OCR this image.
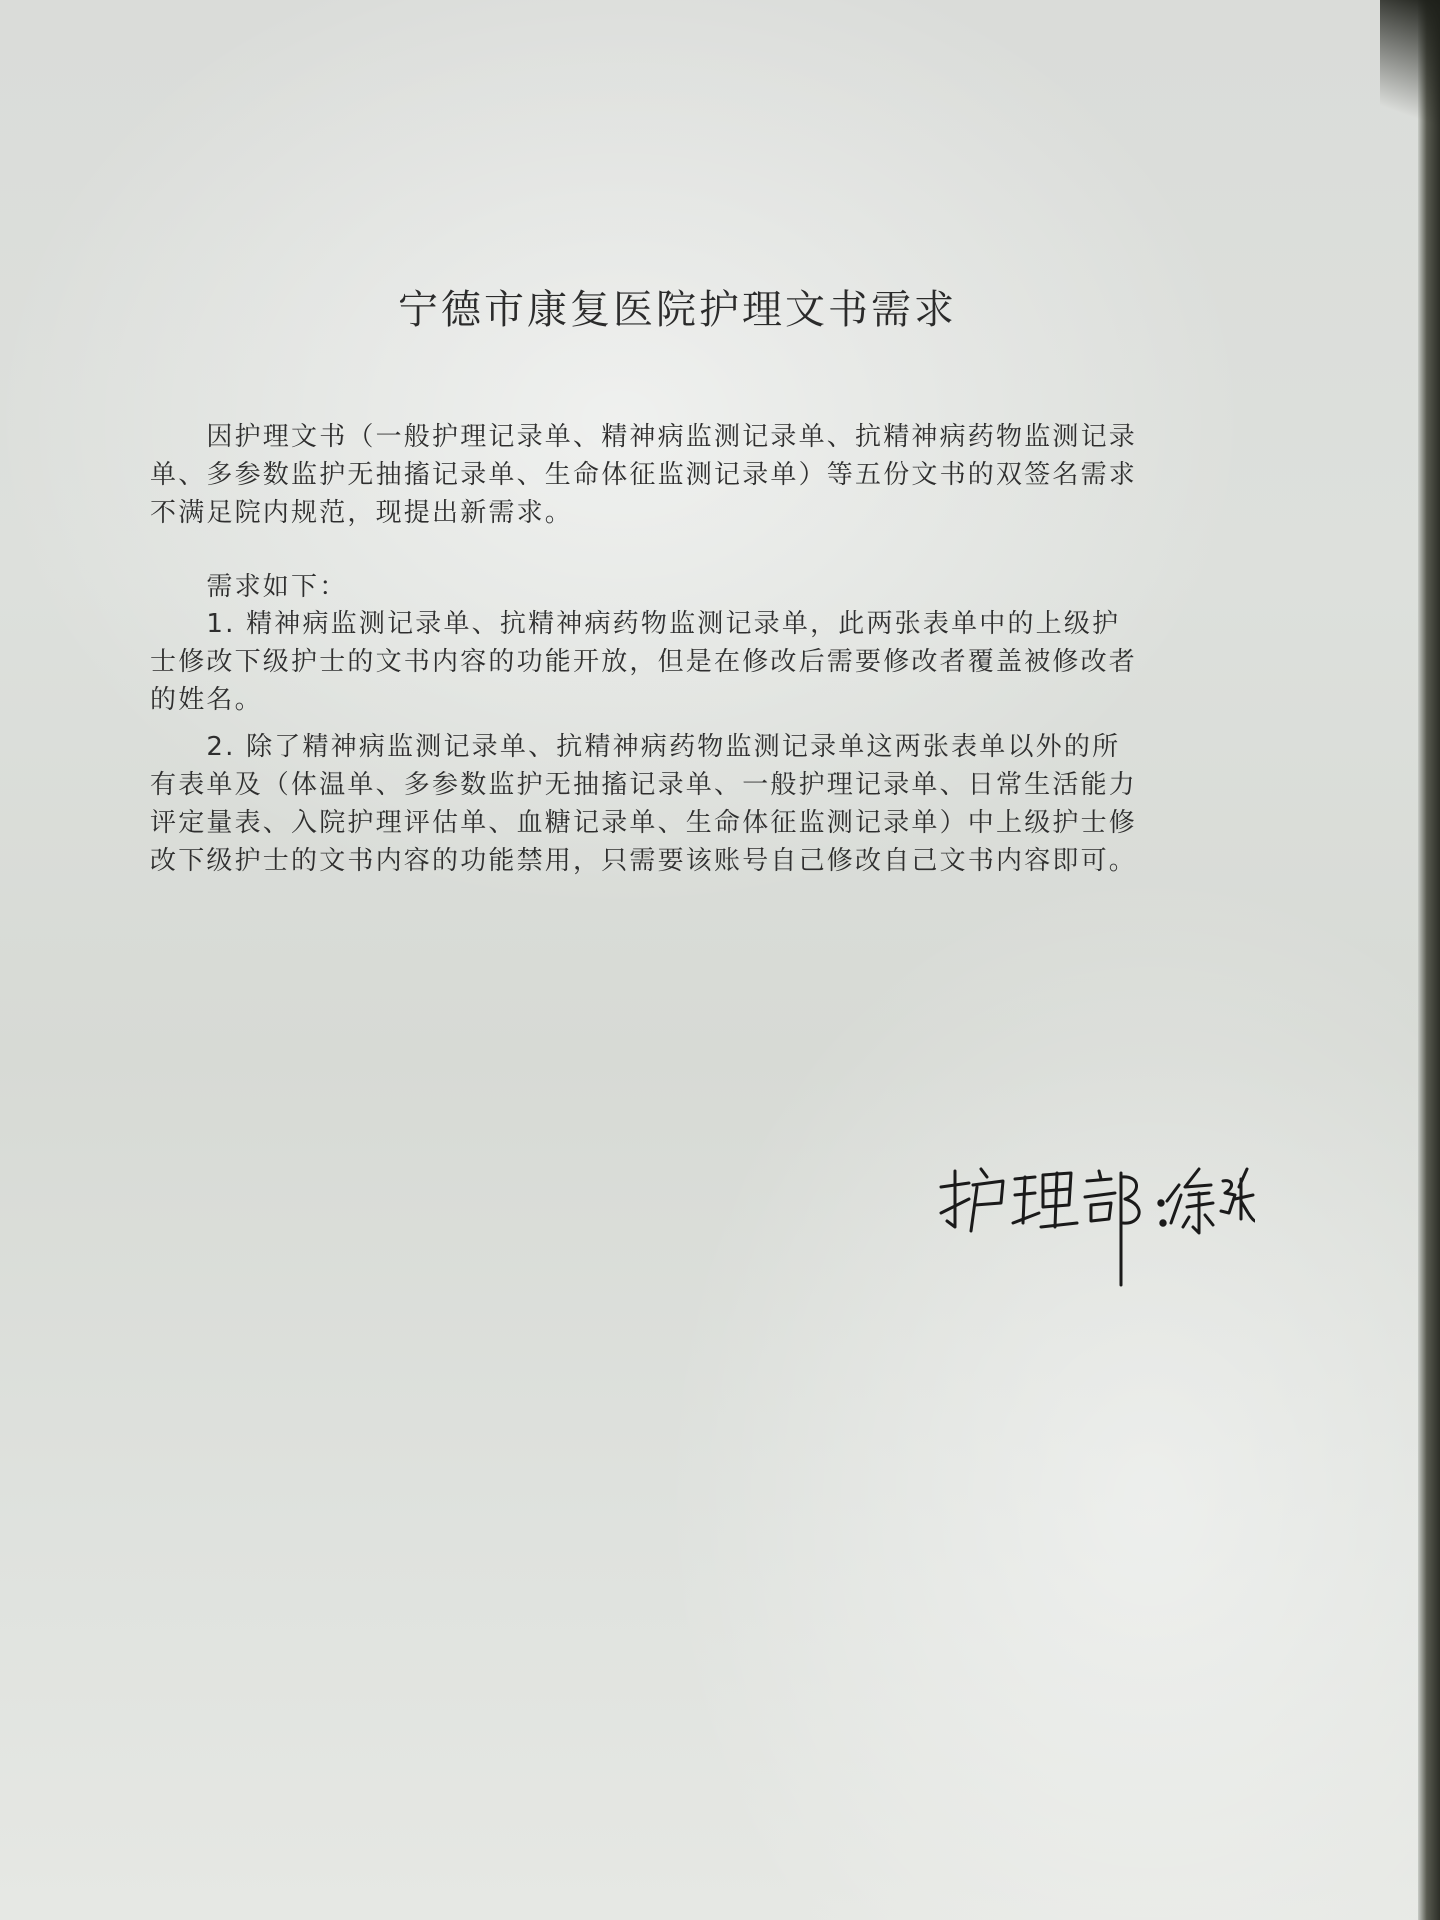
宁德市康复医院护理文书需求
　　因护理文书（一般护理记录单、精神病监测记录单、抗精神病药物监测记录
单、多参数监护无抽搐记录单、生命体征监测记录单）等五份文书的双签名需求
不满足院内规范，现提出新需求。
　　需求如下：
　　1. 精神病监测记录单、抗精神病药物监测记录单，此两张表单中的上级护
士修改下级护士的文书内容的功能开放，但是在修改后需要修改者覆盖被修改者
的姓名。
　　2. 除了精神病监测记录单、抗精神病药物监测记录单这两张表单以外的所
有表单及（体温单、多参数监护无抽搐记录单、一般护理记录单、日常生活能力
评定量表、入院护理评估单、血糖记录单、生命体征监测记录单）中上级护士修
改下级护士的文书内容的功能禁用，只需要该账号自己修改自己文书内容即可。
